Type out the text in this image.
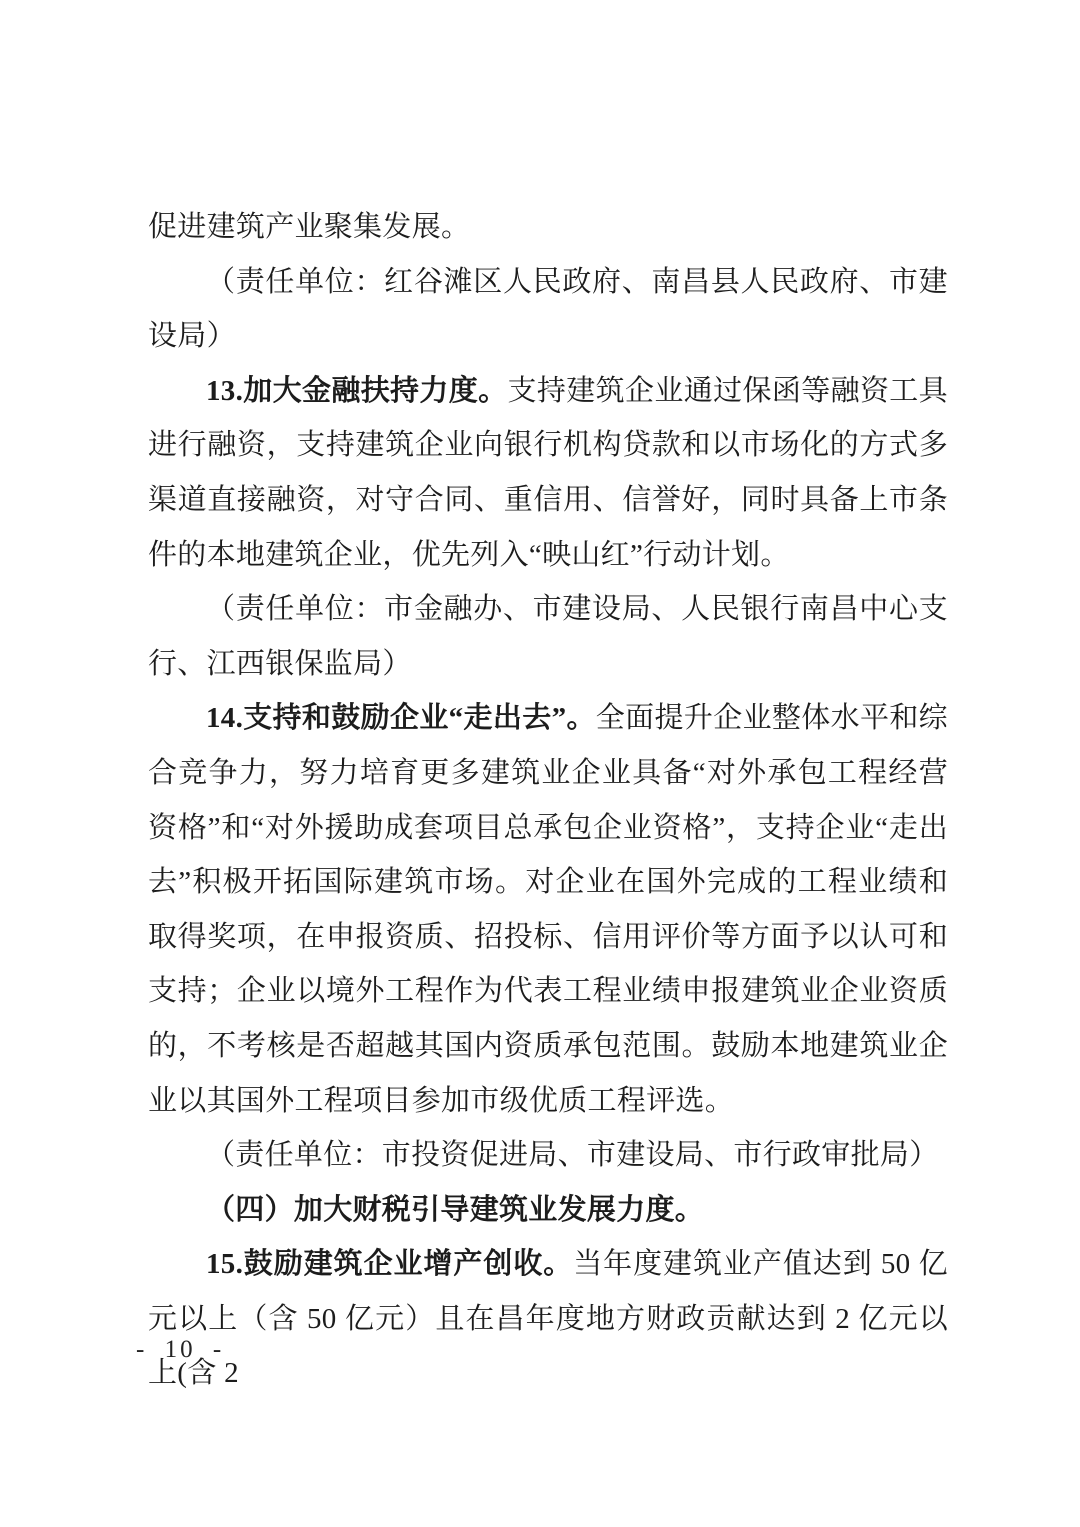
促进建筑产业聚集发展。

（责任单位：红谷滩区人民政府、南昌县人民政府、市建设局）

13.加大金融扶持力度。支持建筑企业通过保函等融资工具进行融资，支持建筑企业向银行机构贷款和以市场化的方式多渠道直接融资，对守合同、重信用、信誉好，同时具备上市条件的本地建筑企业，优先列入“映山红”行动计划。

（责任单位：市金融办、市建设局、人民银行南昌中心支行、江西银保监局）

14.支持和鼓励企业“走出去”。全面提升企业整体水平和综合竞争力，努力培育更多建筑业企业具备“对外承包工程经营资格”和“对外援助成套项目总承包企业资格”，支持企业“走出去”积极开拓国际建筑市场。对企业在国外完成的工程业绩和取得奖项，在申报资质、招投标、信用评价等方面予以认可和支持；企业以境外工程作为代表工程业绩申报建筑业企业资质的，不考核是否超越其国内资质承包范围。鼓励本地建筑业企业以其国外工程项目参加市级优质工程评选。

（责任单位：市投资促进局、市建设局、市行政审批局）

（四）加大财税引导建筑业发展力度。

15.鼓励建筑企业增产创收。当年度建筑业产值达到 50 亿元以上（含 50 亿元）且在昌年度地方财政贡献达到 2 亿元以上(含 2

- 10 -
